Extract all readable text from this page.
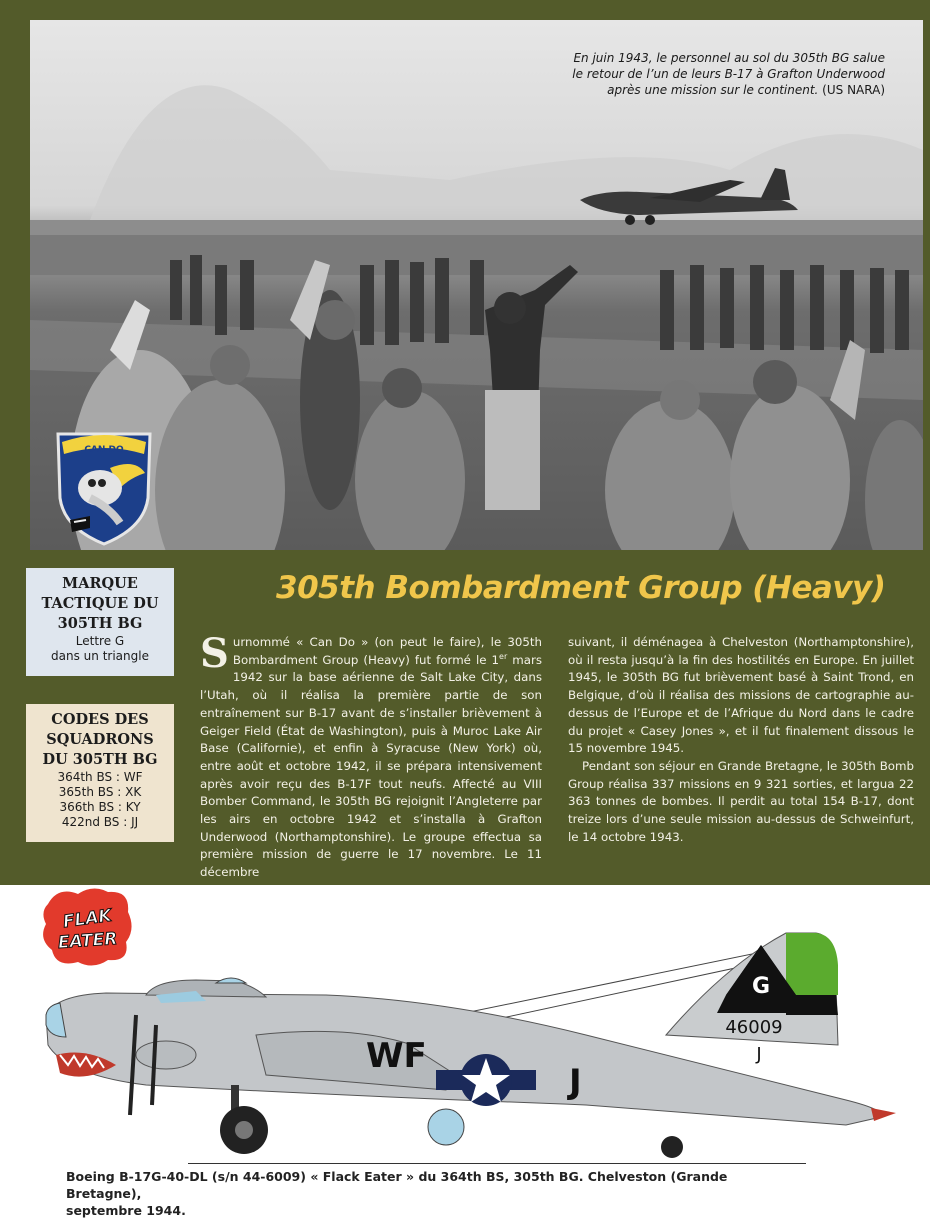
En juin 1943, le personnel au sol du 305th BG salue le retour de l’un de leurs B-17 à Grafton Underwood après une mission sur le continent. (US NARA)
CAN DO
305th Bombardment Group (Heavy)
MARQUE
TACTIQUE DU
305TH BG
Lettre G
dans un triangle
CODES DES
SQUADRONS
DU 305TH BG
364th BS : WF
365th BS : XK
366th BS : KY
422nd BS : JJ

Surnommé « Can Do » (on peut le faire), le 305th Bombardment Group (Heavy) fut formé le 1er mars 1942 sur la base aérienne de Salt Lake City, dans l’Utah, où il réalisa la première partie de son entraînement sur B-17 avant de s’installer brièvement à Geiger Field (État de Washington), puis à Muroc Lake Air Base (Californie), et enfin à Syracuse (New York) où, entre août et octobre 1942, il se prépara intensivement après avoir reçu des B-17F tout neufs. Affecté au VIII Bomber Command, le 305th BG rejoignit l’Angleterre par les airs en octobre 1942 et s’installa à Grafton Underwood (Northamptonshire). Le groupe effectua sa première mission de guerre le 17 novembre. Le 11 décembre

suivant, il déménagea à Chelveston (Northamptonshire), où il resta jusqu’à la fin des hostilités en Europe. En juillet 1945, le 305th BG fut brièvement basé à Saint Trond, en Belgique, d’où il réalisa des missions de cartographie au-dessus de l’Europe et de l’Afrique du Nord dans le cadre du projet « Casey Jones », et il fut finalement dissous le 15 novembre 1945.

Pendant son séjour en Grande Bretagne, le 305th Bomb Group réalisa 337 missions en 9 321 sorties, et largua 22 363 tonnes de bombes. Il perdit au total 154 B-17, dont treize lors d’une seule mission au-dessus de Schweinfurt, le 14 octobre 1943.

FLAK
EATER
G
46009
J
WF
J
Boeing B-17G-40-DL (s/n 44-6009) « Flack Eater » du 364th BS, 305th BG. Chelveston (Grande Bretagne),
septembre 1944.
